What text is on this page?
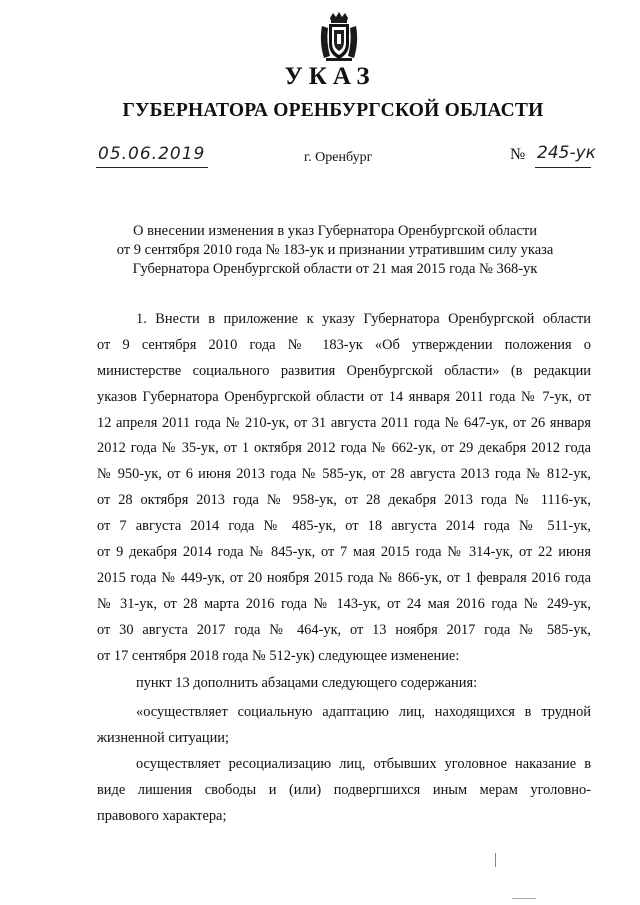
УКАЗ
ГУБЕРНАТОРА ОРЕНБУРГСКОЙ ОБЛАСТИ
05.06.2019	г. Оренбург	№ 245-ук
О внесении изменения в указ Губернатора Оренбургской области
от 9 сентября 2010 года № 183-ук и признании утратившим силу указа
Губернатора Оренбургской области от 21 мая 2015 года № 368-ук
1. Внести в приложение к указу Губернатора Оренбургской области
от 9 сентября 2010 года № 183-ук «Об утверждении положения о
министерстве социального развития Оренбургской области» (в редакции
указов Губернатора Оренбургской области от 14 января 2011 года № 7-ук, от
12 апреля 2011 года № 210-ук, от 31 августа 2011 года № 647-ук, от 26 января
2012 года № 35-ук, от 1 октября 2012 года № 662-ук, от 29 декабря 2012 года
№ 950-ук, от 6 июня 2013 года № 585-ук, от 28 августа 2013 года № 812-ук,
от 28 октября 2013 года № 958-ук, от 28 декабря 2013 года № 1116-ук,
от 7 августа 2014 года № 485-ук, от 18 августа 2014 года № 511-ук,
от 9 декабря 2014 года № 845-ук, от 7 мая 2015 года № 314-ук, от 22 июня
2015 года № 449-ук, от 20 ноября 2015 года № 866-ук, от 1 февраля 2016 года
№ 31-ук, от 28 марта 2016 года № 143-ук, от 24 мая 2016 года № 249-ук,
от 30 августа 2017 года № 464-ук, от 13 ноября 2017 года № 585-ук,
от 17 сентября 2018 года № 512-ук) следующее изменение:
пункт 13 дополнить абзацами следующего содержания:
«осуществляет социальную адаптацию лиц, находящихся в трудной
жизненной ситуации;
осуществляет ресоциализацию лиц, отбывших уголовное наказание в
виде лишения свободы и (или) подвергшихся иным мерам уголовно-
правового характера;
